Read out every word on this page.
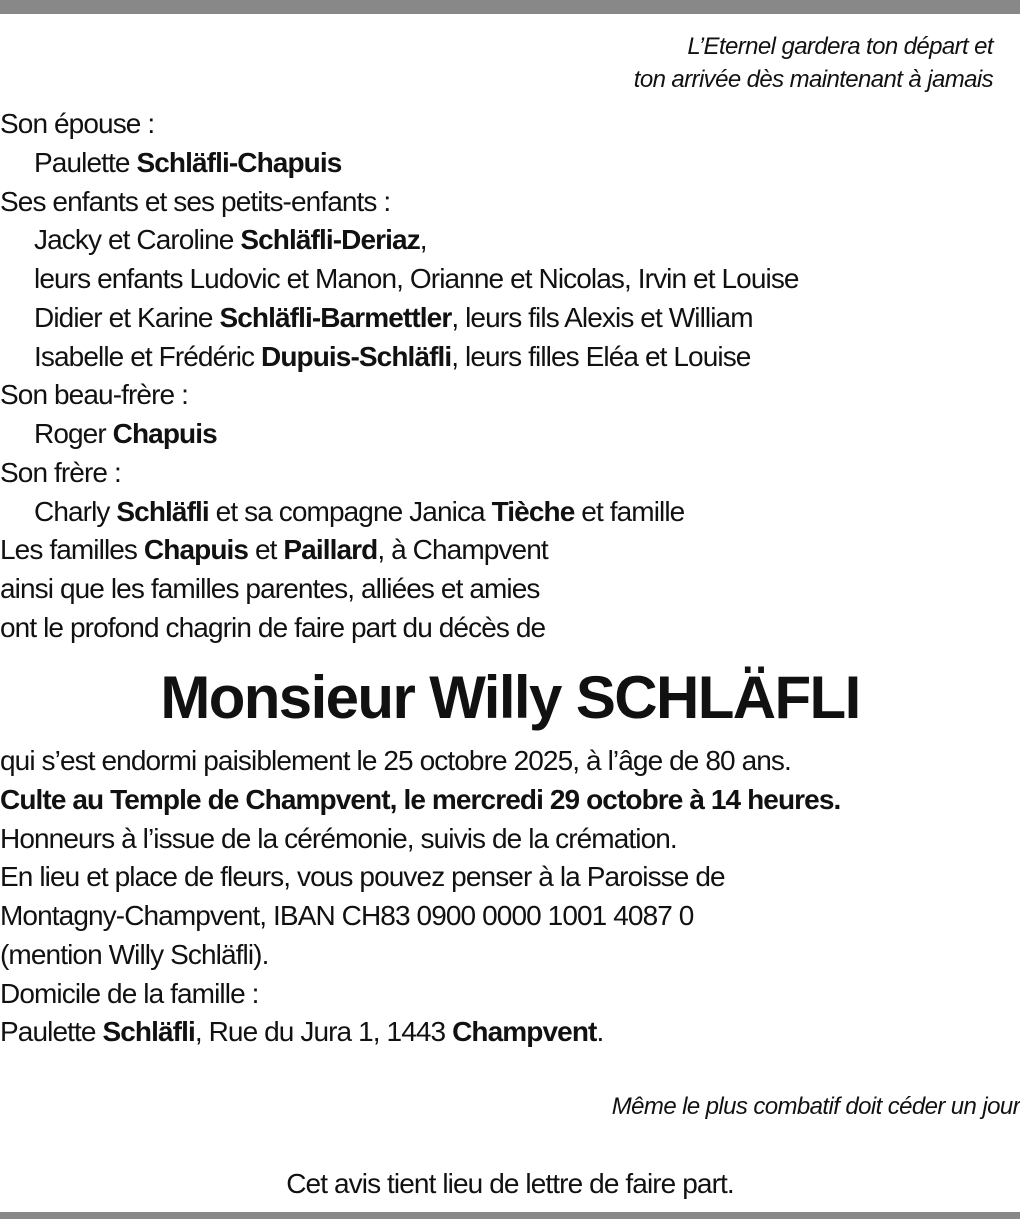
L’Eternel gardera ton départ et
ton arrivée dès maintenant à jamais
Son épouse :
Paulette Schläfli-Chapuis
Ses enfants et ses petits-enfants :
Jacky et Caroline Schläfli-Deriaz,
leurs enfants Ludovic et Manon, Orianne et Nicolas, Irvin et Louise
Didier et Karine Schläfli-Barmettler, leurs fils Alexis et William
Isabelle et Frédéric Dupuis-Schläfli, leurs filles Eléa et Louise
Son beau-frère :
Roger Chapuis
Son frère :
Charly Schläfli et sa compagne Janica Tièche et famille
Les familles Chapuis et Paillard, à Champvent
ainsi que les familles parentes, alliées et amies
ont le profond chagrin de faire part du décès de
Monsieur Willy SCHLÄFLI
qui s’est endormi paisiblement le 25 octobre 2025, à l’âge de 80 ans.
Culte au Temple de Champvent, le mercredi 29 octobre à 14 heures.
Honneurs à l’issue de la cérémonie, suivis de la crémation.
En lieu et place de fleurs, vous pouvez penser à la Paroisse de
Montagny-Champvent, IBAN CH83 0900 0000 1001 4087 0
(mention Willy Schläfli).
Domicile de la famille :
Paulette Schläfli, Rue du Jura 1, 1443 Champvent.
Même le plus combatif doit céder un jour
Cet avis tient lieu de lettre de faire part.
